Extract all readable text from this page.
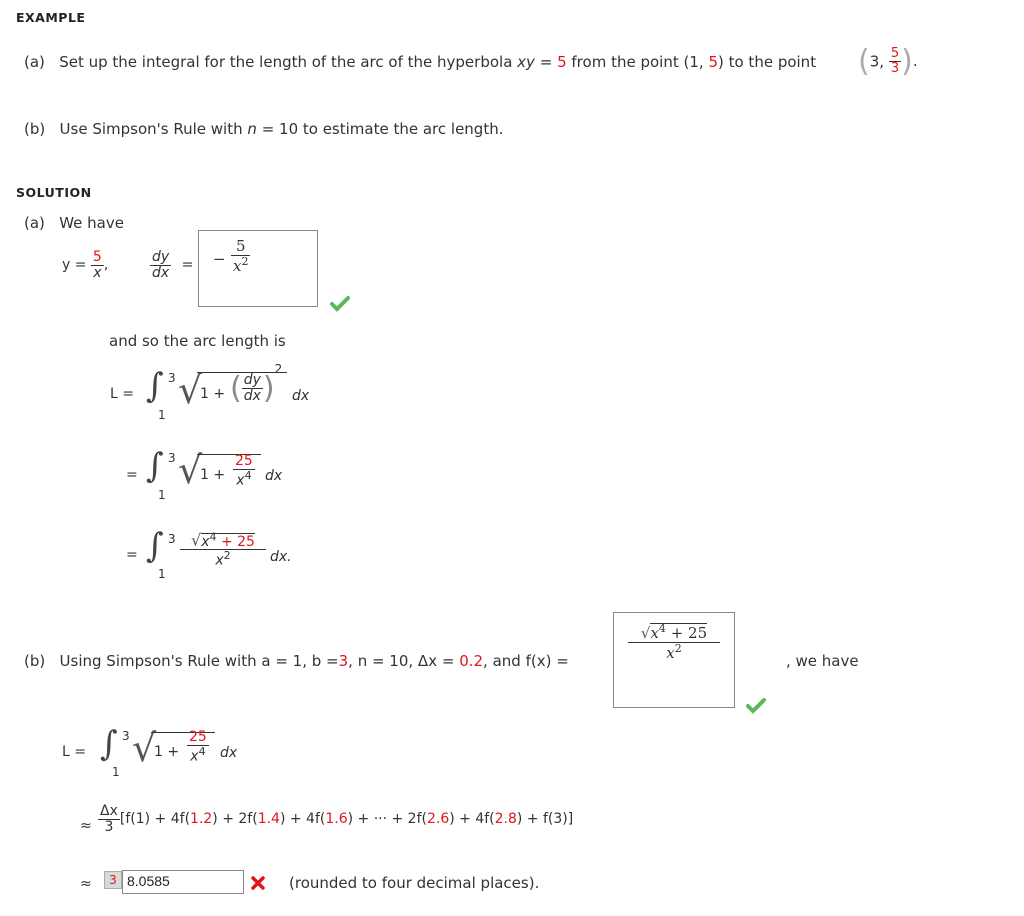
EXAMPLE
(a) Set up the integral for the length of the arc of the hyperbola xy = 5 from the point (1, 5) to the point (3, $\frac{5}{3}$ ).
(b) Use Simpson's Rule with n = 10 to estimate the arc length.
SOLUTION
(a) We have
$y = \frac{5}{x}$ ,	$\frac{dy}{dx}$ = − $\frac{5}{x^2}$
and so the arc length is
L = ∫ 3
1
√
1 + ( $\frac{dy}{dx} )^2$
dx
= ∫ 3
1
√
$1 + \frac{25}{x^4}$ dx
= ∫ 3
1
$\frac{√x^4 + 25}{x^2}$ dx.
(b) Using Simpson's Rule with a = 1, b =3, n = 10, Δx = 0.2, and f(x) =	$\frac{√x^4 + 25}{x^2}$	, we have
L = ∫ 3
1
√
$1 + \frac{25}{x^4}$ dx
≈ $\frac{\Delta x}{3} [f(1) + 4f(1.2) + 2f(1.4) + 4f(1.6)$ + ··· + 2f(2.6) + 4f(2.8) + f(3)]
≈	3 8.0585	(rounded to four decimal places).
